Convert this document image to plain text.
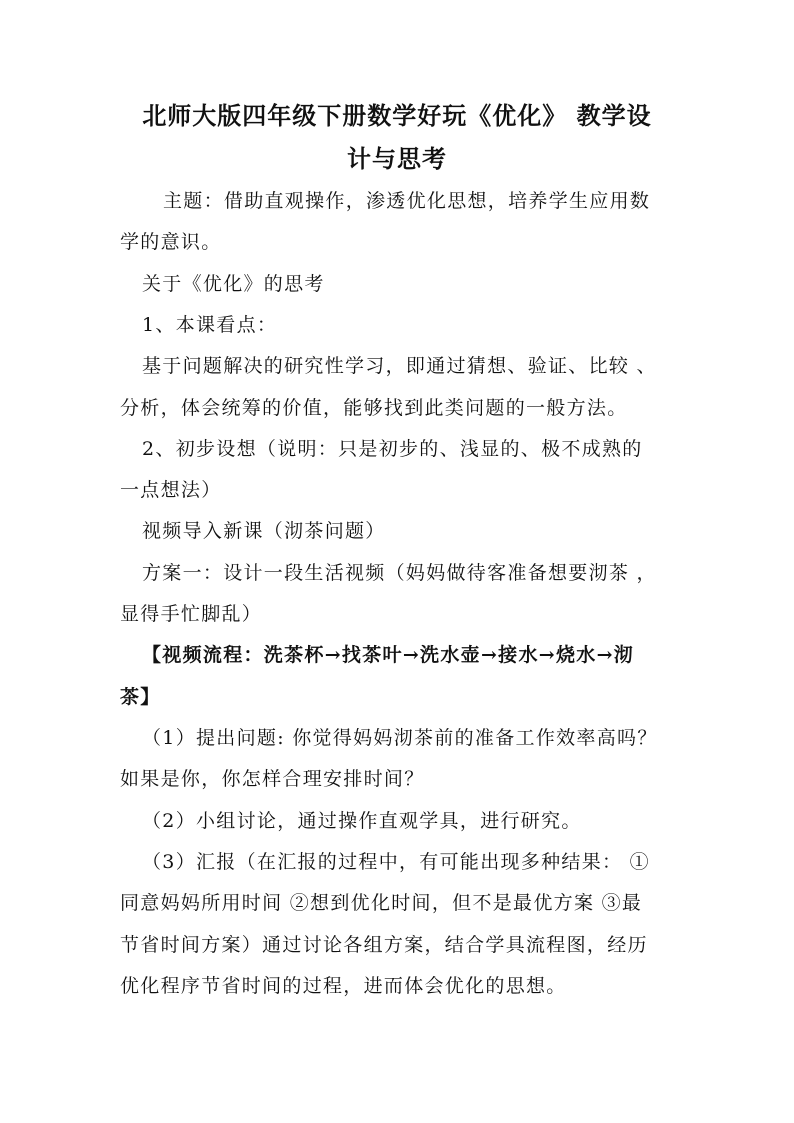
北师大版四年级下册数学好玩《优化》 教学设
计与思考
主题：借助直观操作，渗透优化思想，培养学生应用数
学的意识。
关于《优化》的思考
1、本课看点：
基于问题解决的研究性学习，即通过猜想、验证、比较 、
分析，体会统筹的价值，能够找到此类问题的一般方法。
2、初步设想（说明：只是初步的、浅显的、极不成熟的
一点想法）
视频导入新课（沏茶问题）
方案一：设计一段生活视频（妈妈做待客准备想要沏茶 ，
显得手忙脚乱）
【视频流程：洗茶杯→找茶叶→洗水壶→接水→烧水→沏
茶】
（1）提出问题: 你觉得妈妈沏茶前的准备工作效率高吗？
如果是你，你怎样合理安排时间？
（2）小组讨论，通过操作直观学具，进行研究。
（3）汇报（在汇报的过程中，有可能出现多种结果： ①
同意妈妈所用时间 ②想到优化时间，但不是最优方案 ③最
节省时间方案）通过讨论各组方案，结合学具流程图，经历
优化程序节省时间的过程，进而体会优化的思想。
